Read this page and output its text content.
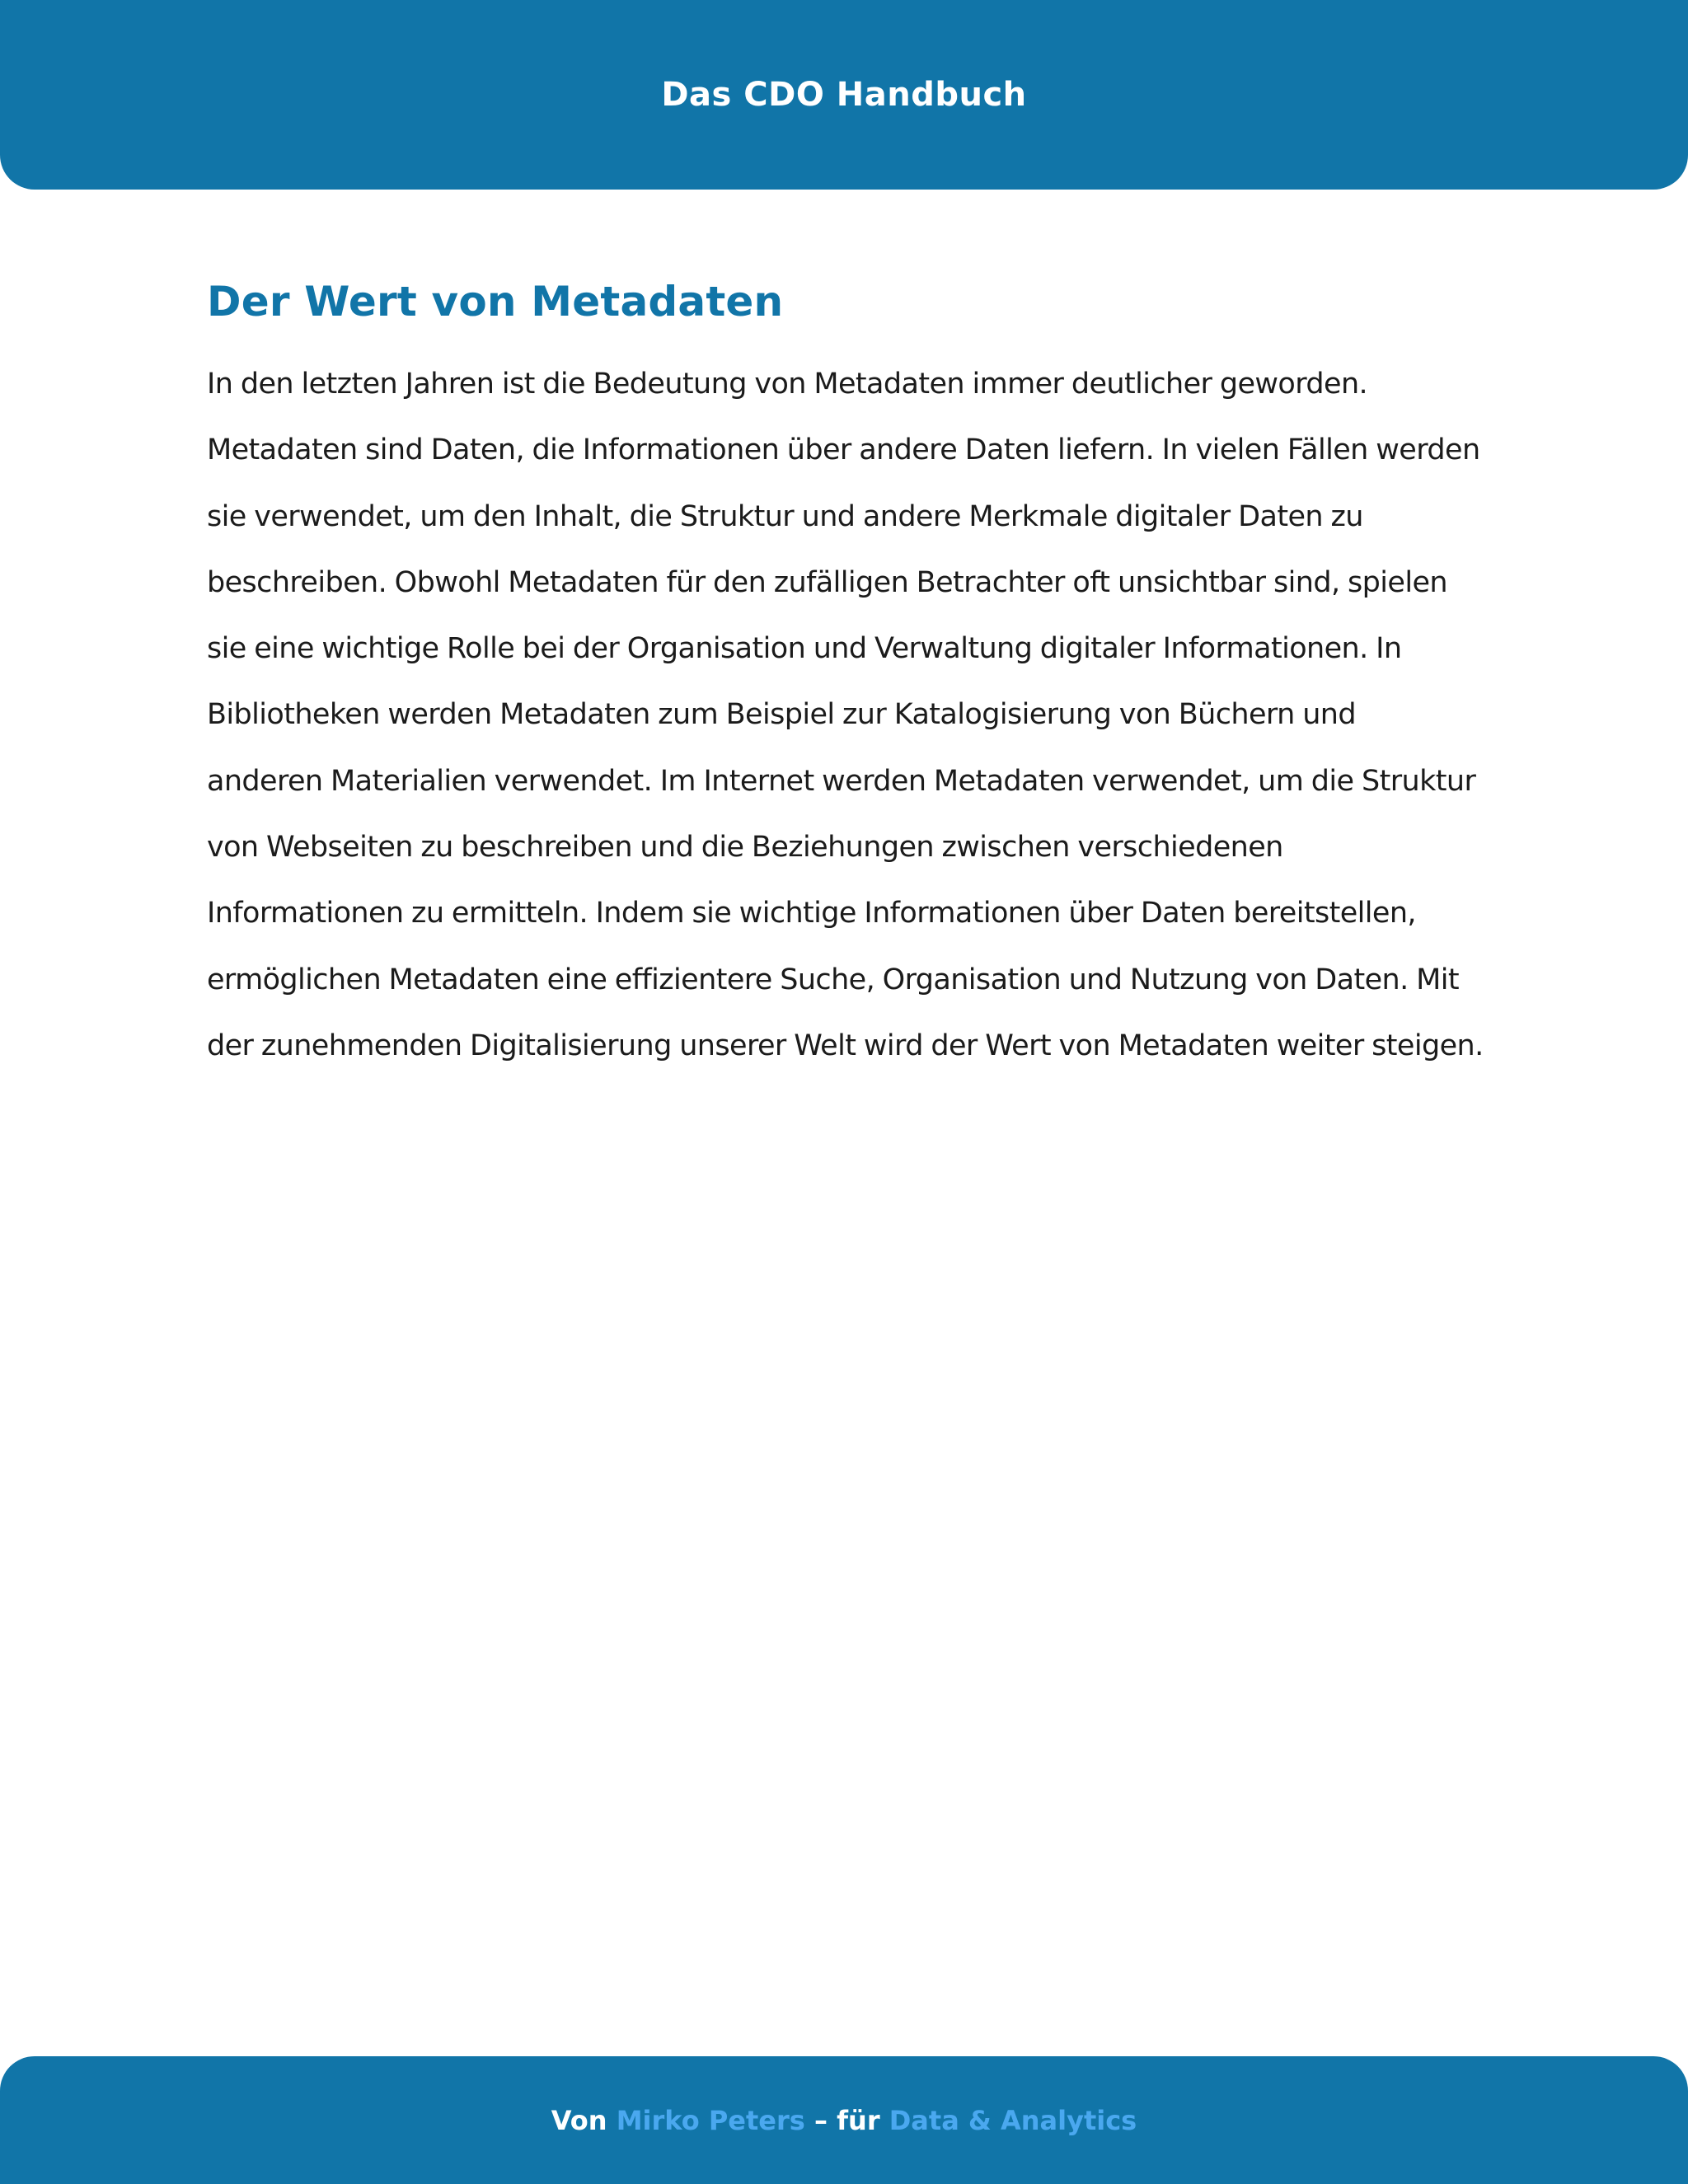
Das CDO Handbuch
Der Wert von Metadaten

In den letzten Jahren ist die Bedeutung von Metadaten immer deutlicher geworden.
Metadaten sind Daten, die Informationen über andere Daten liefern. In vielen Fällen werden
sie verwendet, um den Inhalt, die Struktur und andere Merkmale digitaler Daten zu
beschreiben. Obwohl Metadaten für den zufälligen Betrachter oft unsichtbar sind, spielen
sie eine wichtige Rolle bei der Organisation und Verwaltung digitaler Informationen. In
Bibliotheken werden Metadaten zum Beispiel zur Katalogisierung von Büchern und
anderen Materialien verwendet. Im Internet werden Metadaten verwendet, um die Struktur
von Webseiten zu beschreiben und die Beziehungen zwischen verschiedenen
Informationen zu ermitteln. Indem sie wichtige Informationen über Daten bereitstellen,
ermöglichen Metadaten eine effizientere Suche, Organisation und Nutzung von Daten. Mit
der zunehmenden Digitalisierung unserer Welt wird der Wert von Metadaten weiter steigen.

Von Mirko Peters – für Data & Analytics
